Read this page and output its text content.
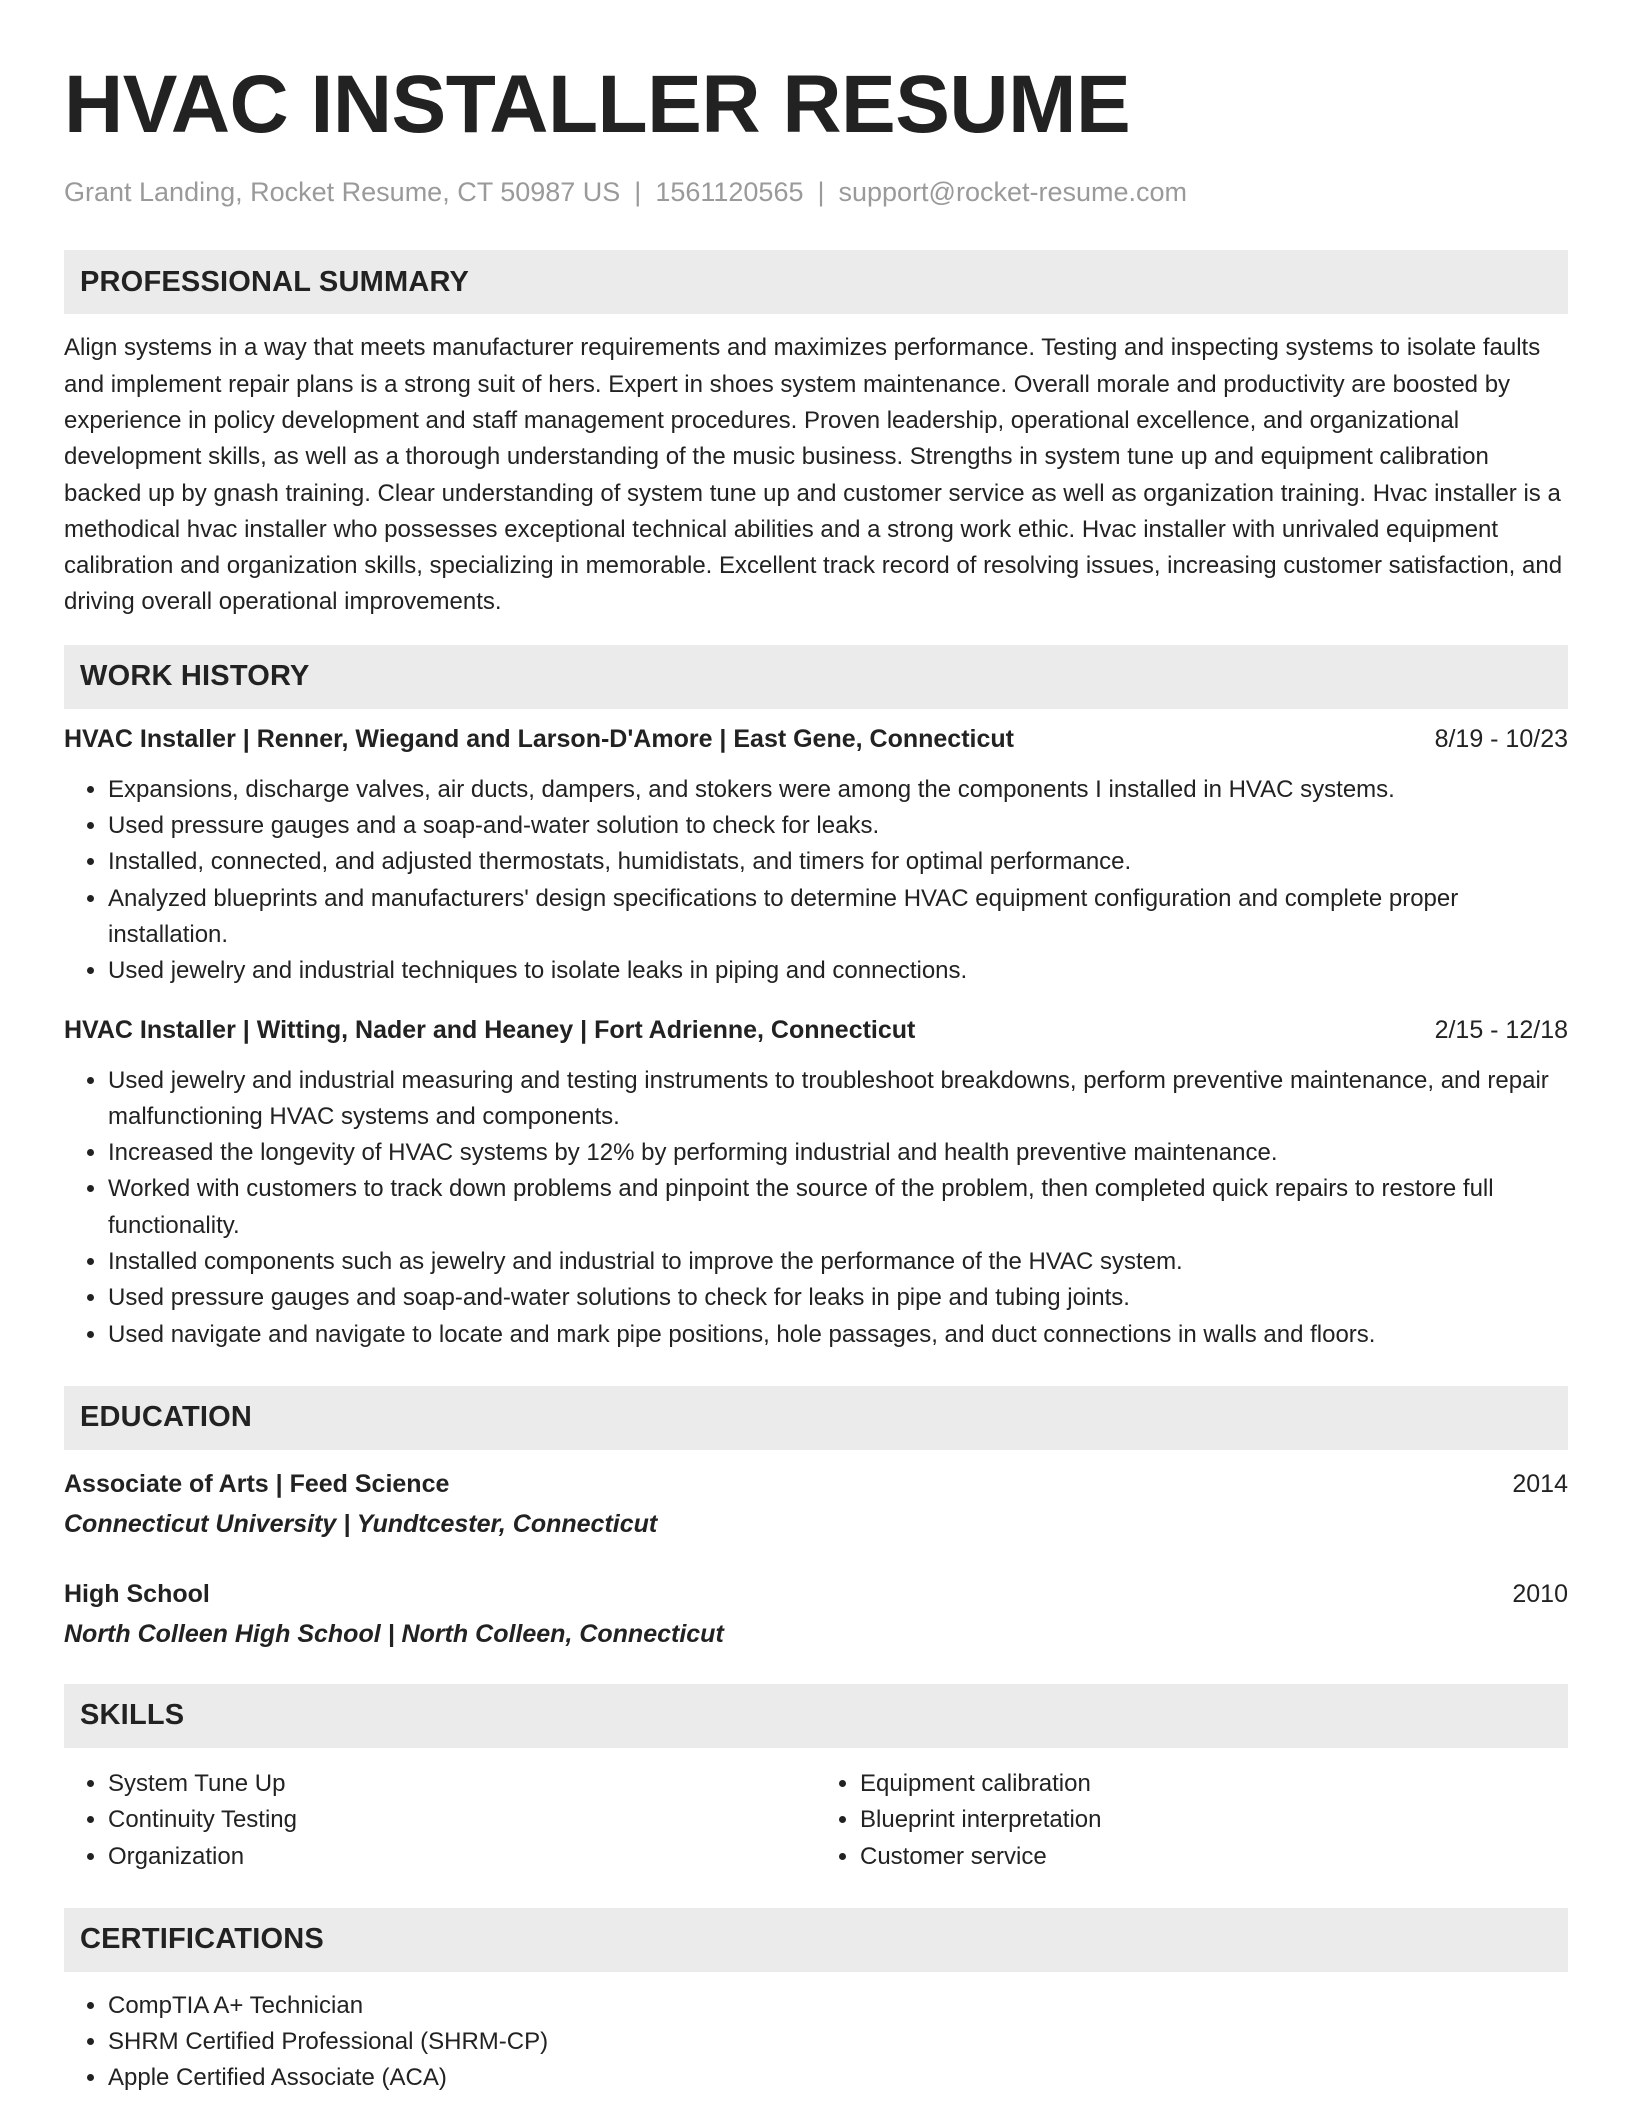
HVAC INSTALLER RESUME
Grant Landing, Rocket Resume, CT 50987 US | 1561120565 | support@rocket-resume.com
PROFESSIONAL SUMMARY

Align systems in a way that meets manufacturer requirements and maximizes performance. Testing and inspecting systems to isolate faults and implement repair plans is a strong suit of hers. Expert in shoes system maintenance. Overall morale and productivity are boosted by experience in policy development and staff management procedures. Proven leadership, operational excellence, and organizational development skills, as well as a thorough understanding of the music business. Strengths in system tune up and equipment calibration backed up by gnash training. Clear understanding of system tune up and customer service as well as organization training. Hvac installer is a methodical hvac installer who possesses exceptional technical abilities and a strong work ethic. Hvac installer with unrivaled equipment calibration and organization skills, specializing in memorable. Excellent track record of resolving issues, increasing customer satisfaction, and driving overall operational improvements.

WORK HISTORY
HVAC Installer | Renner, Wiegand and Larson-D'Amore | East Gene, Connecticut	8/19 - 10/23
• Expansions, discharge valves, air ducts, dampers, and stokers were among the components I installed in HVAC systems.
• Used pressure gauges and a soap-and-water solution to check for leaks.
• Installed, connected, and adjusted thermostats, humidistats, and timers for optimal performance.
• Analyzed blueprints and manufacturers' design specifications to determine HVAC equipment configuration and complete proper installation.
• Used jewelry and industrial techniques to isolate leaks in piping and connections.
HVAC Installer | Witting, Nader and Heaney | Fort Adrienne, Connecticut	2/15 - 12/18
• Used jewelry and industrial measuring and testing instruments to troubleshoot breakdowns, perform preventive maintenance, and repair malfunctioning HVAC systems and components.
• Increased the longevity of HVAC systems by 12% by performing industrial and health preventive maintenance.
• Worked with customers to track down problems and pinpoint the source of the problem, then completed quick repairs to restore full functionality.
• Installed components such as jewelry and industrial to improve the performance of the HVAC system.
• Used pressure gauges and soap-and-water solutions to check for leaks in pipe and tubing joints.
• Used navigate and navigate to locate and mark pipe positions, hole passages, and duct connections in walls and floors.
EDUCATION
Associate of Arts | Feed Science	2014
Connecticut University | Yundtcester, Connecticut
High School	2010
North Colleen High School | North Colleen, Connecticut
SKILLS
• System Tune Up
• Continuity Testing
• Organization
• Equipment calibration
• Blueprint interpretation
• Customer service
CERTIFICATIONS
• CompTIA A+ Technician
• SHRM Certified Professional (SHRM-CP)
• Apple Certified Associate (ACA)
